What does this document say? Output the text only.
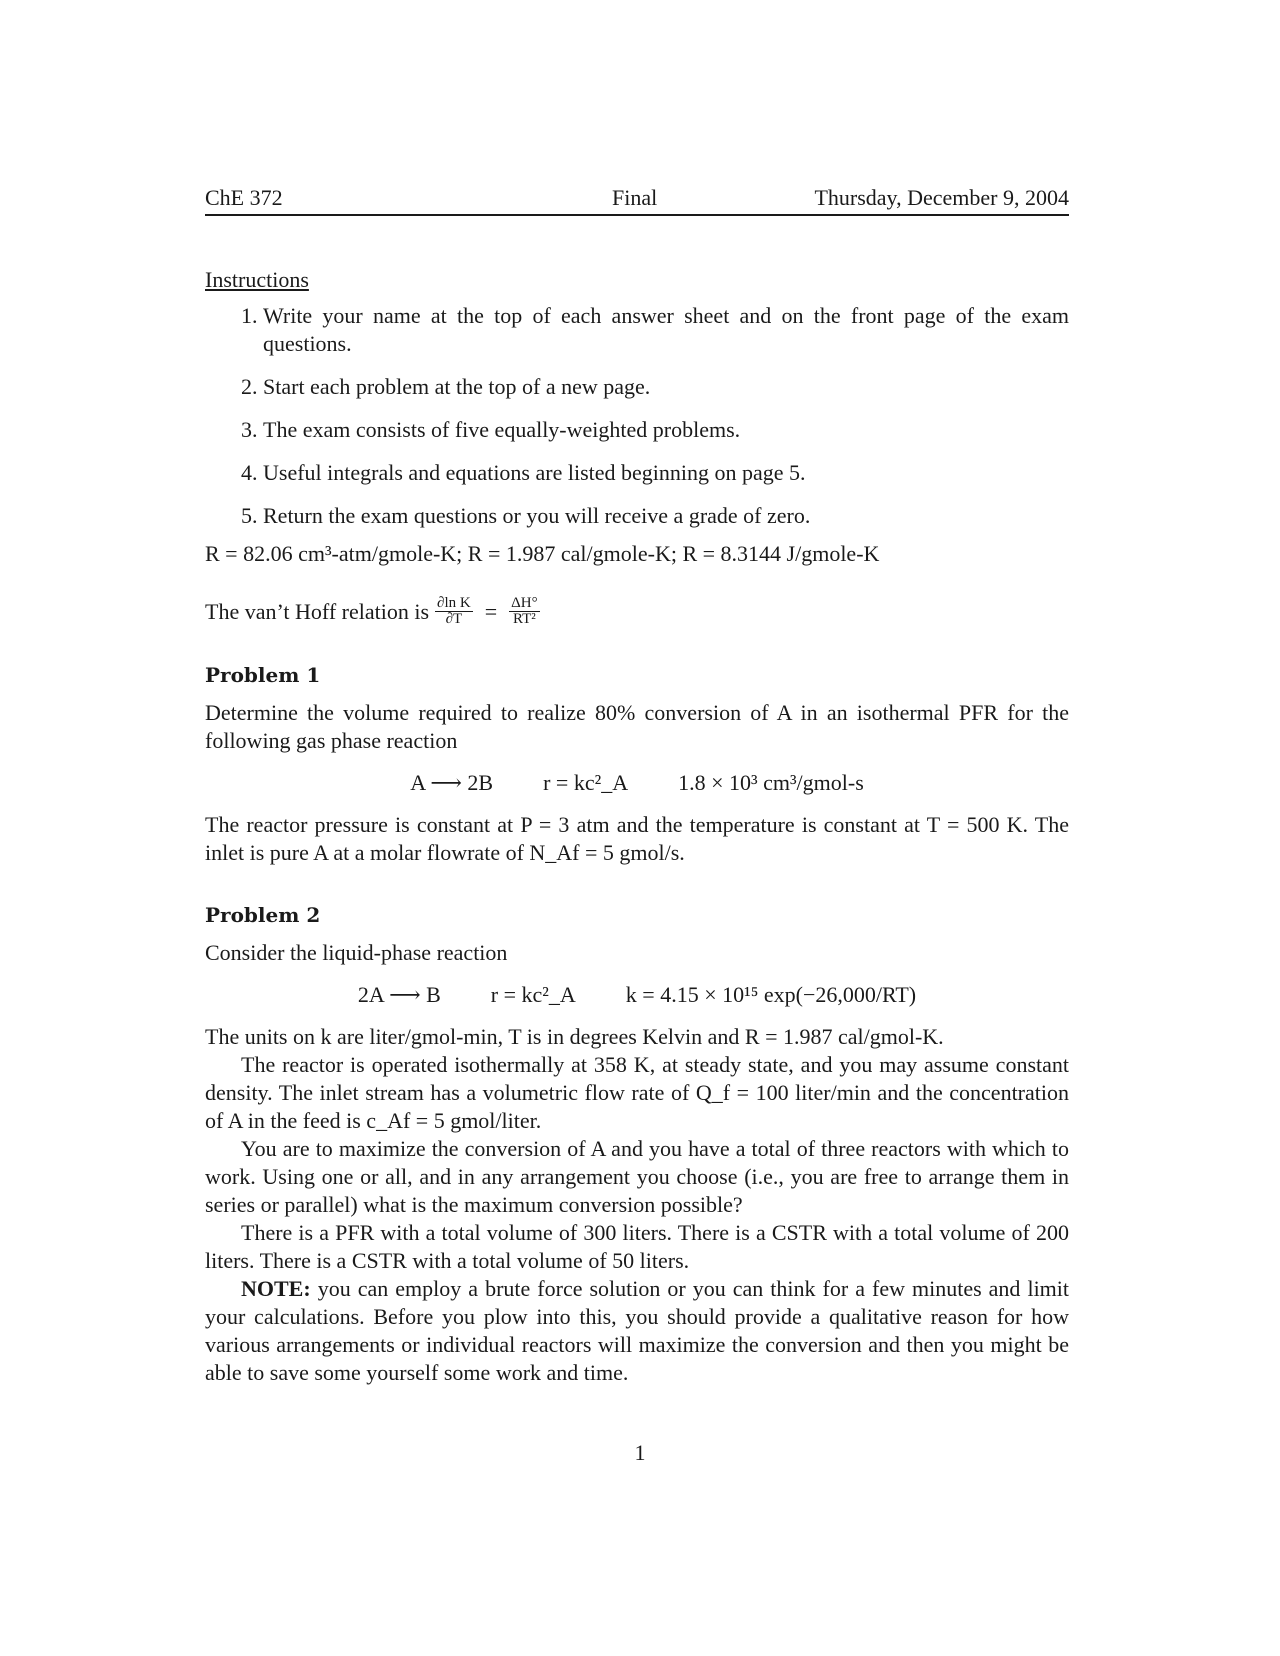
ChE 372	Final	Thursday, December 9, 2004
Instructions
1. Write your name at the top of each answer sheet and on the front page of the exam questions.
2. Start each problem at the top of a new page.
3. The exam consists of five equally-weighted problems.
4. Useful integrals and equations are listed beginning on page 5.
5. Return the exam questions or you will receive a grade of zero.
R = 82.06 cm³-atm/gmole-K; R = 1.987 cal/gmole-K; R = 8.3144 J/gmole-K
The van’t Hoff relation is $\frac{\text{∂ln K}}{\partial T} = \frac{\Delta H^\circ}{\text{RT²}}$
Problem 1
Determine the volume required to realize 80% conversion of A in an isothermal PFR for the following gas phase reaction
A ⟶ 2B r = kc²_A 1.8 × 10³ cm³/gmol-s
The reactor pressure is constant at P = 3 atm and the temperature is constant at T = 500 K. The inlet is pure A at a molar flowrate of N_Af = 5 gmol/s.
Problem 2
Consider the liquid-phase reaction
2A ⟶ B r = kc²_A k = 4.15 × 10¹⁵ exp(−26,000/RT)
The units on k are liter/gmol-min, T is in degrees Kelvin and R = 1.987 cal/gmol-K.
The reactor is operated isothermally at 358 K, at steady state, and you may assume constant density. The inlet stream has a volumetric flow rate of Q_f = 100 liter/min and the concentration of A in the feed is c_Af = 5 gmol/liter.
You are to maximize the conversion of A and you have a total of three reactors with which to work. Using one or all, and in any arrangement you choose (i.e., you are free to arrange them in series or parallel) what is the maximum conversion possible?
There is a PFR with a total volume of 300 liters. There is a CSTR with a total volume of 200 liters. There is a CSTR with a total volume of 50 liters.
NOTE: you can employ a brute force solution or you can think for a few minutes and limit your calculations. Before you plow into this, you should provide a qualitative reason for how various arrangements or individual reactors will maximize the conversion and then you might be able to save some yourself some work and time.
1
